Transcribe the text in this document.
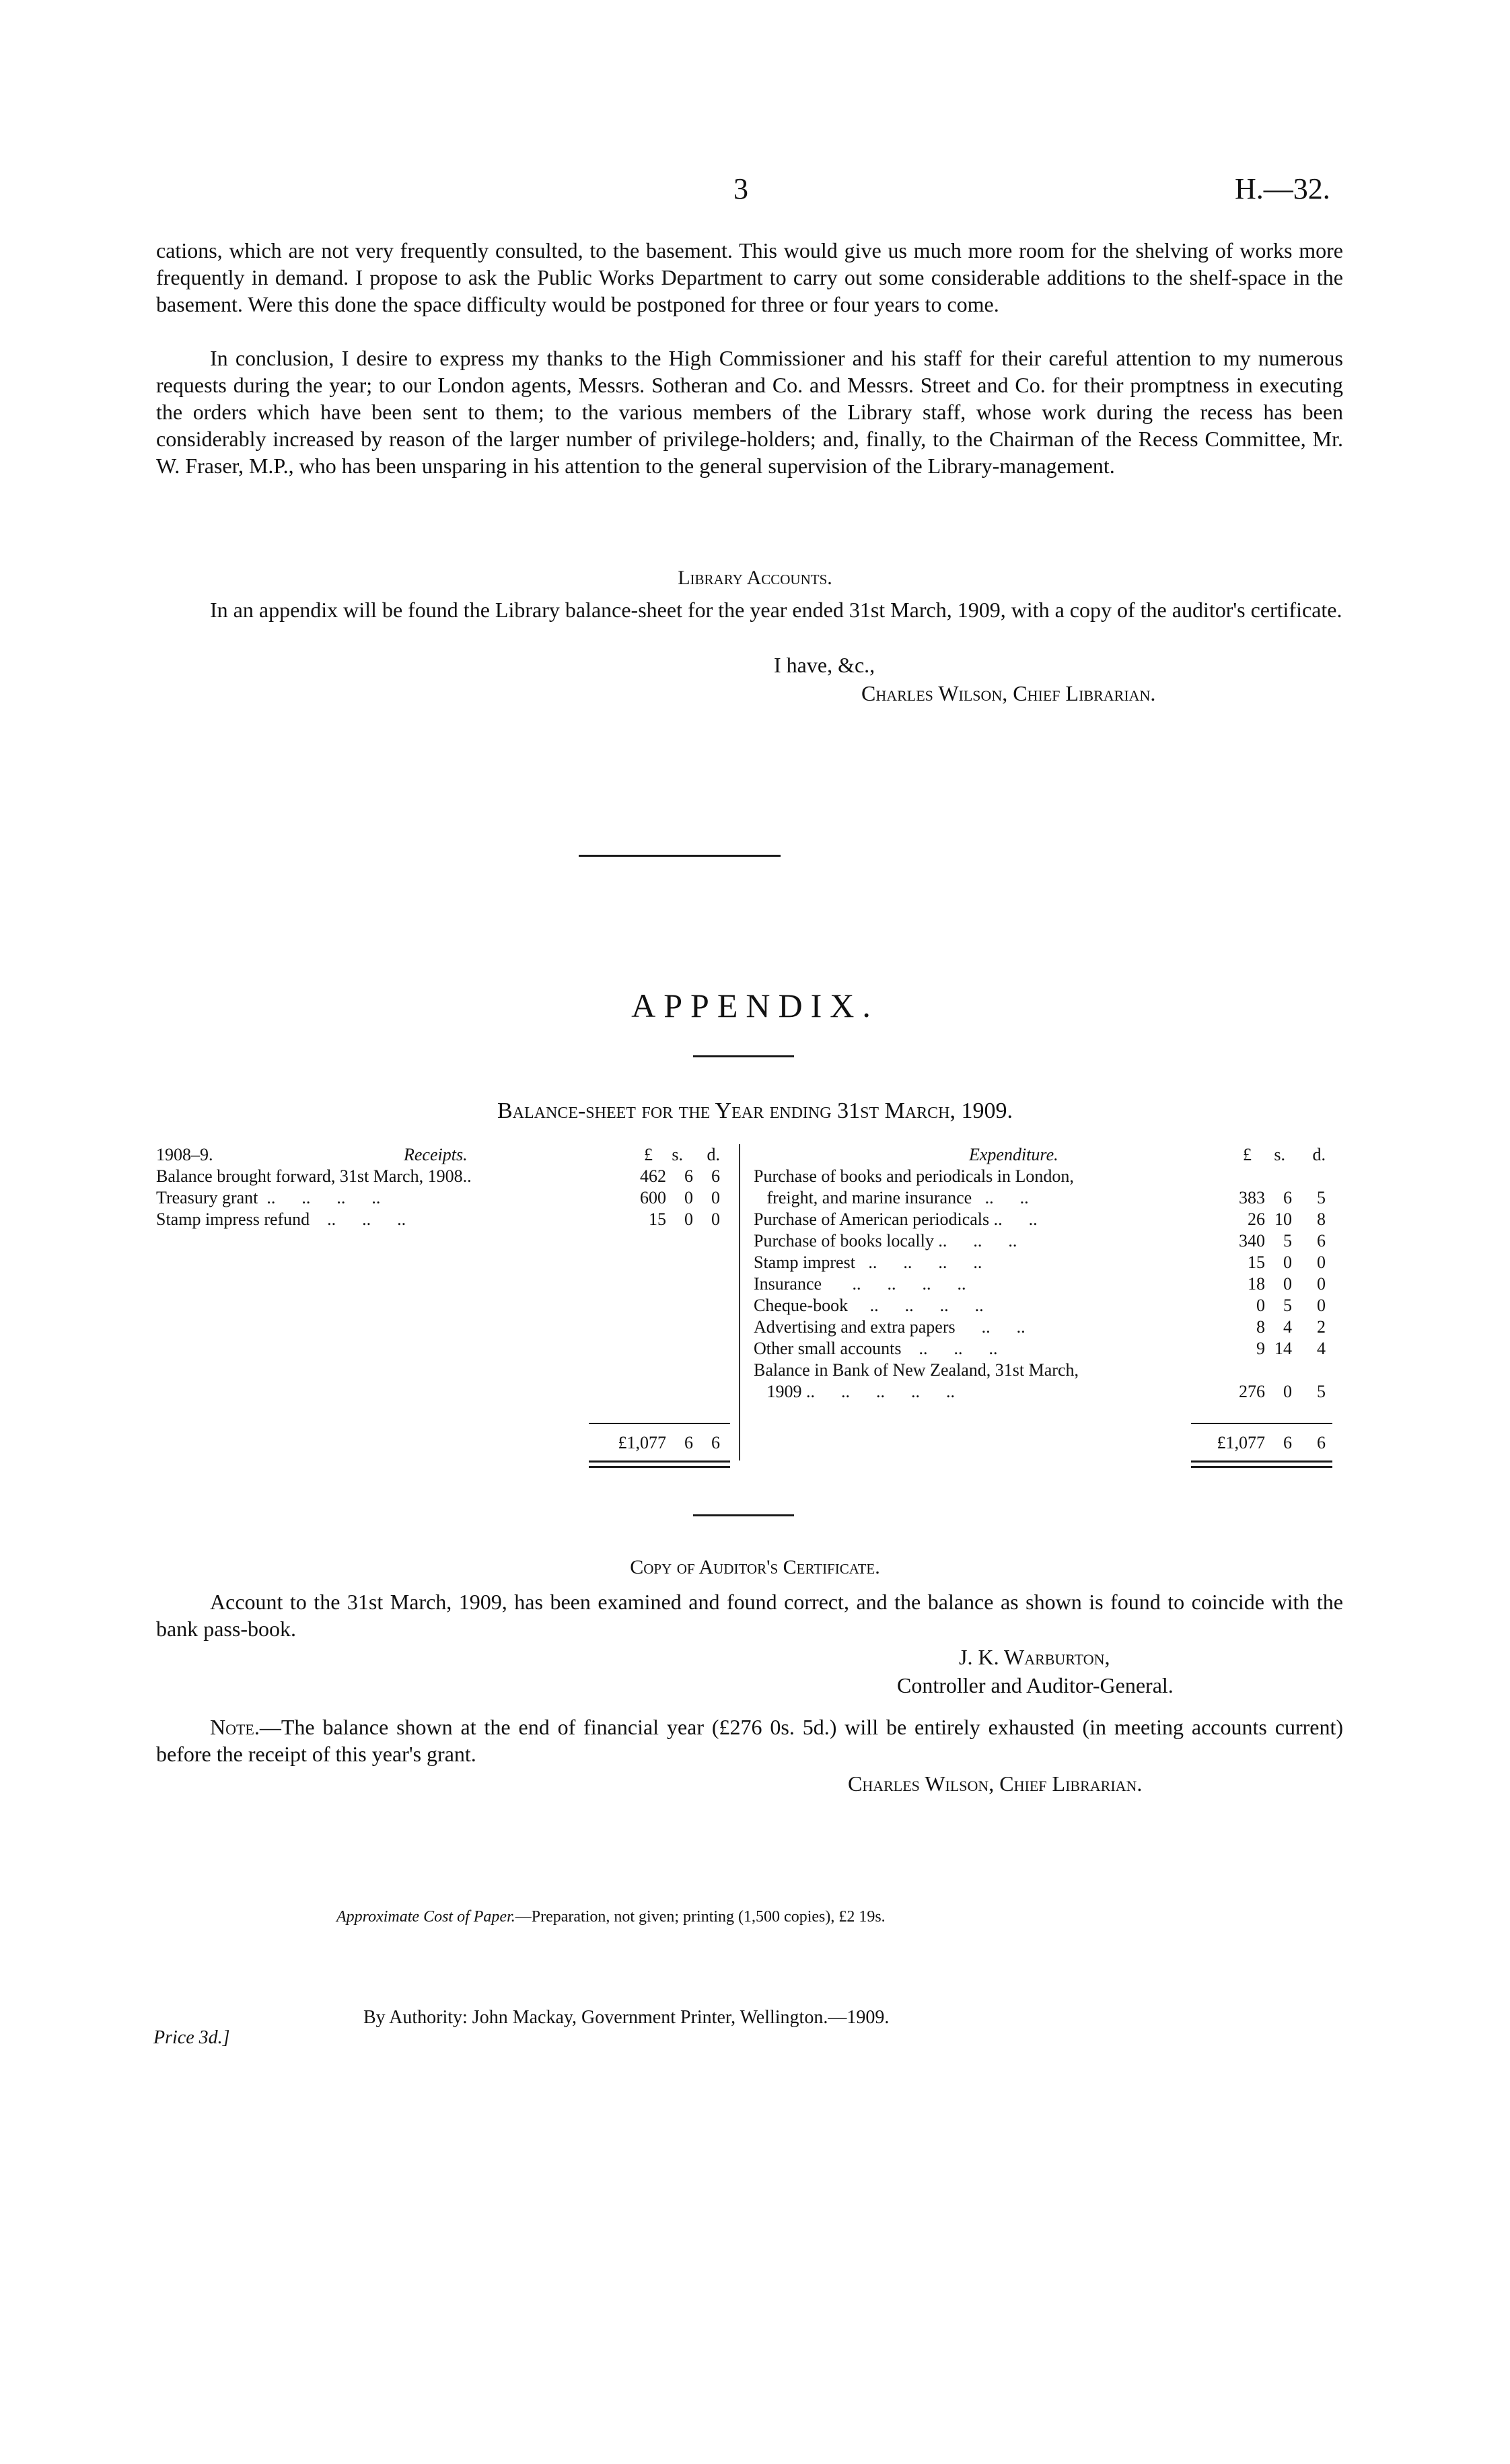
3	H.—32.

cations, which are not very frequently consulted, to the basement. This would give us much more room for the shelving of works more frequently in demand. I propose to ask the Public Works Department to carry out some considerable additions to the shelf-space in the basement. Were this done the space difficulty would be postponed for three or four years to come.

In conclusion, I desire to express my thanks to the High Commissioner and his staff for their careful attention to my numerous requests during the year; to our London agents, Messrs. Sotheran and Co. and Messrs. Street and Co. for their promptness in executing the orders which have been sent to them; to the various members of the Library staff, whose work during the recess has been considerably increased by reason of the larger number of privilege-holders; and, finally, to the Chairman of the Recess Committee, Mr. W. Fraser, M.P., who has been unsparing in his attention to the general supervision of the Library-management.

Library Accounts.

In an appendix will be found the Library balance-sheet for the year ended 31st March, 1909, with a copy of the auditor's certificate.

I have, &c.,
Charles Wilson, Chief Librarian.
APPENDIX.
Balance-sheet for the Year ending 31st March, 1909.
1908–9.	Receipts.	£	s.	d.
Balance brought forward, 31st March, 1908..	462	6	6
Treasury grant  ..      ..      ..      ..	600	0	0
Stamp impress refund    ..      ..      ..	15	0	0
£1,077	6	6
Expenditure.	£	s.	d.
Purchase of books and periodicals in London,
freight, and marine insurance   ..      ..	383	6	5
Purchase of American periodicals ..      ..	26 10	8
Purchase of books locally ..      ..      ..	340	5	6
Stamp imprest   ..      ..      ..      ..	15	0	0
Insurance       ..      ..      ..      ..	18	0	0
Cheque-book     ..      ..      ..      ..	0	5	0
Advertising and extra papers      ..      ..	8	4	2
Other small accounts    ..      ..      ..	9 14	4
Balance in Bank of New Zealand, 31st March,
1909 ..      ..      ..      ..      ..	276	0	5
£1,077	6	6
Copy of Auditor's Certificate.

Account to the 31st March, 1909, has been examined and found correct, and the balance as shown is found to coincide with the bank pass-book.

J. K. Warburton,
Controller and Auditor-General.

Note.—The balance shown at the end of financial year (£276 0s. 5d.) will be entirely exhausted (in meeting accounts current) before the receipt of this year's grant.

Charles Wilson, Chief Librarian.
Approximate Cost of Paper.—Preparation, not given; printing (1,500 copies), £2 19s.
By Authority: John Mackay, Government Printer, Wellington.—1909.
Price 3d.]
